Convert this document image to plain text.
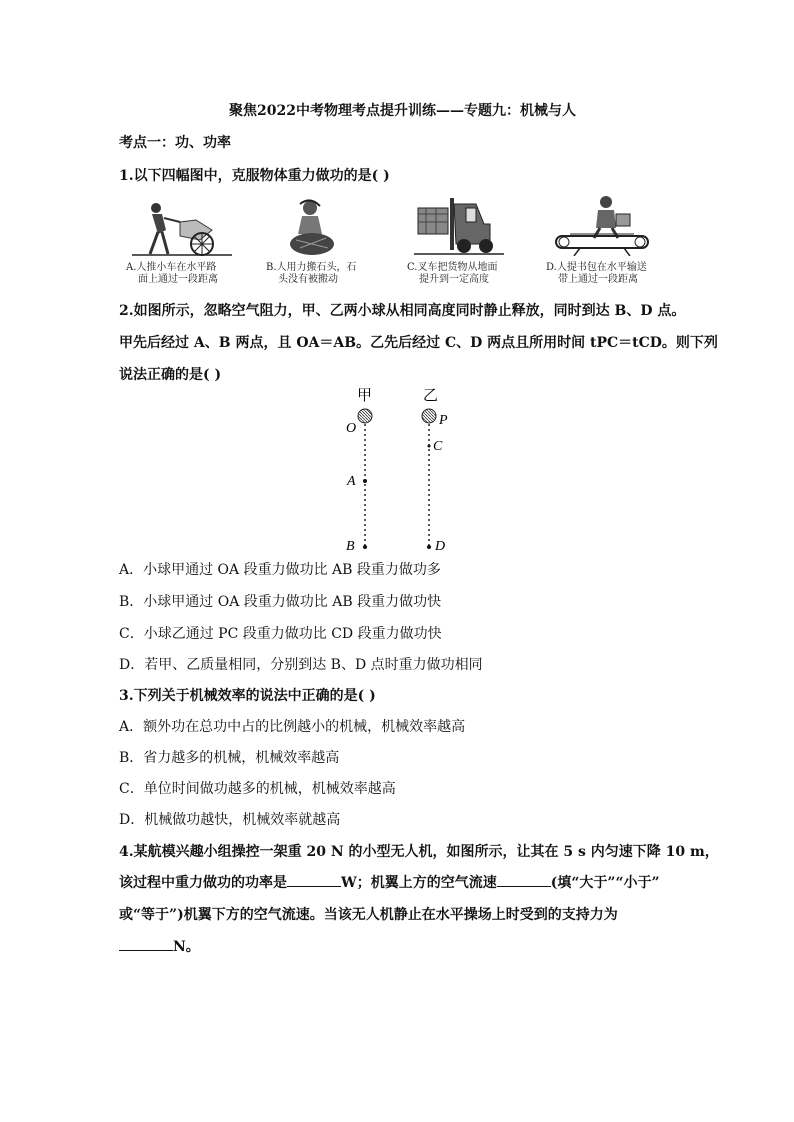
聚焦2022中考物理考点提升训练——专题九：机械与人
考点一：功、功率
1.以下四幅图中，克服物体重力做功的是( )
A.人推小车在水平路
面上通过一段距离
B.人用力搬石头，石
头没有被搬动
C.叉车把货物从地面
提升到一定高度
D.人提书包在水平输送
带上通过一段距离
2.如图所示，忽略空气阻力，甲、乙两小球从相同高度同时静止释放，同时到达 B、D 点。
甲先后经过 A、B 两点，且 OA＝AB。乙先后经过 C、D 两点且所用时间 tPC＝tCD。则下列
说法正确的是( )
甲	乙
O
A
B
P
C
D
A．小球甲通过 OA 段重力做功比 AB 段重力做功多
B．小球甲通过 OA 段重力做功比 AB 段重力做功快
C．小球乙通过 PC 段重力做功比 CD 段重力做功快
D．若甲、乙质量相同，分别到达 B、D 点时重力做功相同
3.下列关于机械效率的说法中正确的是( )
A．额外功在总功中占的比例越小的机械，机械效率越高
B．省力越多的机械，机械效率越高
C．单位时间做功越多的机械，机械效率越高
D．机械做功越快，机械效率就越高
4.某航模兴趣小组操控一架重 20 N 的小型无人机，如图所示，让其在 5 s 内匀速下降 10 m，
该过程中重力做功的功率是	W；机翼上方的空气流速	(填“大于”“小于”
或“等于”)机翼下方的空气流速。当该无人机静止在水平操场上时受到的支持力为
N。
